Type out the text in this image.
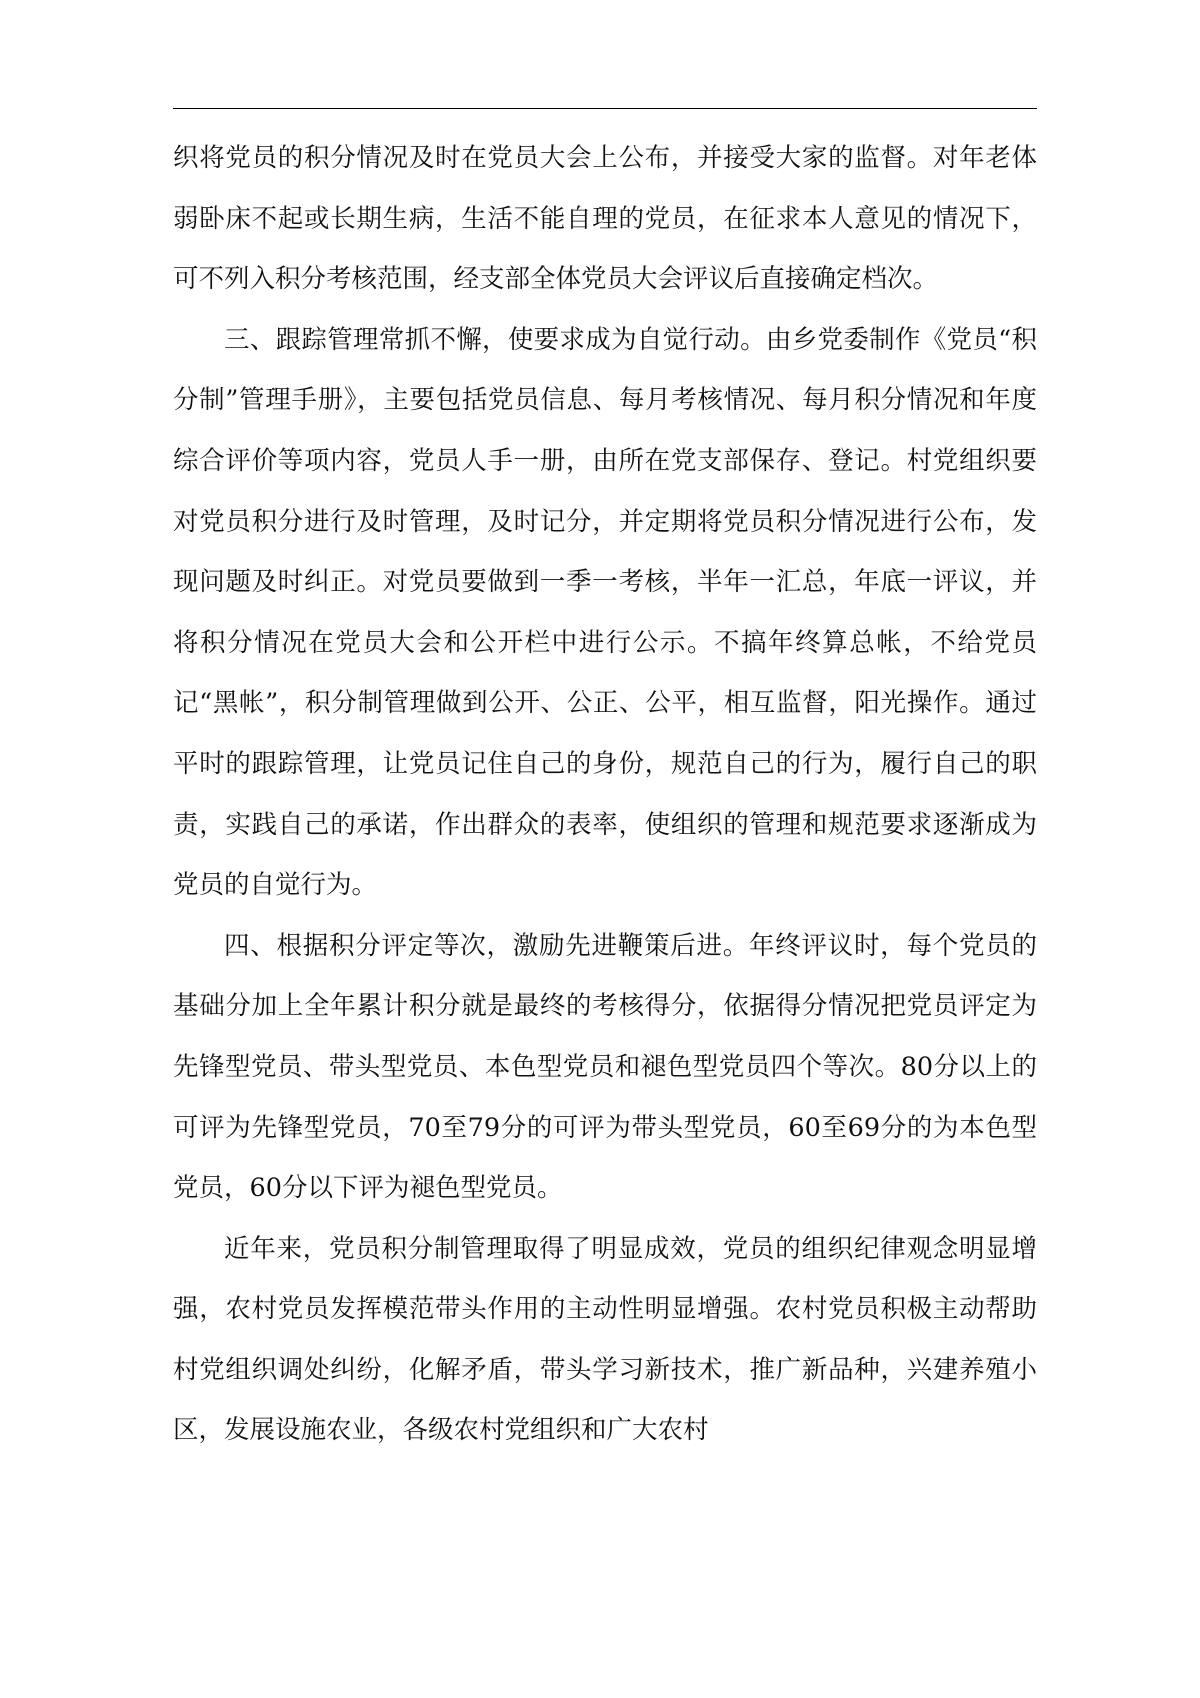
织将党员的积分情况及时在党员大会上公布，并接受大家的监督。对年老体弱卧床不起或长期生病，生活不能自理的党员，在征求本人意见的情况下，可不列入积分考核范围，经支部全体党员大会评议后直接确定档次。

三、跟踪管理常抓不懈，使要求成为自觉行动。由乡党委制作《党员“积分制”管理手册》，主要包括党员信息、每月考核情况、每月积分情况和年度综合评价等项内容，党员人手一册，由所在党支部保存、登记。村党组织要对党员积分进行及时管理，及时记分，并定期将党员积分情况进行公布，发现问题及时纠正。对党员要做到一季一考核，半年一汇总，年底一评议，并将积分情况在党员大会和公开栏中进行公示。不搞年终算总帐，不给党员记“黑帐”，积分制管理做到公开、公正、公平，相互监督，阳光操作。通过平时的跟踪管理，让党员记住自己的身份，规范自己的行为，履行自己的职责，实践自己的承诺，作出群众的表率，使组织的管理和规范要求逐渐成为党员的自觉行为。

四、根据积分评定等次，激励先进鞭策后进。年终评议时，每个党员的基础分加上全年累计积分就是最终的考核得分，依据得分情况把党员评定为先锋型党员、带头型党员、本色型党员和褪色型党员四个等次。80分以上的可评为先锋型党员，70至79分的可评为带头型党员，60至69分的为本色型党员，60分以下评为褪色型党员。

近年来，党员积分制管理取得了明显成效，党员的组织纪律观念明显增强，农村党员发挥模范带头作用的主动性明显增强。农村党员积极主动帮助村党组织调处纠纷，化解矛盾，带头学习新技术，推广新品种，兴建养殖小区，发展设施农业，各级农村党组织和广大农村
